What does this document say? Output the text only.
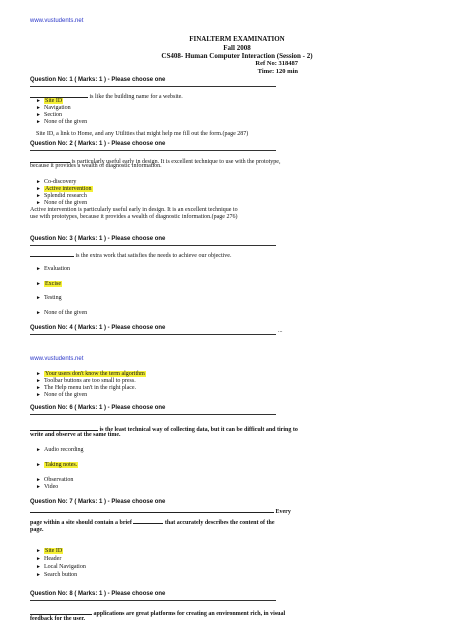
www.vustudents.net
FINALTERM EXAMINATION
Fall 2008
CS408- Human Computer Interaction (Session - 2)
Ref No: 318487
Time: 120 min
Question No: 1 ( Marks: 1 ) - Please choose one
is like the building name for a website.
► Site ID
► Navigation
► Section
► None of the given
Site ID, a link to Home, and any Utilities that might help me fill out the form.(page 287)
Question No: 2 ( Marks: 1 ) - Please choose one
is particularly useful early in design. It is excellent technique to use with the prototype,
because it provides a wealth of diagnostic information.
► Co-discovery
► Active intervention
► Splendid research
► None of the given
Active intervention is particularly useful early in design. It is an excellent technique to
use with prototypes, because it provides a wealth of diagnostic information.(page 276)
Question No: 3 ( Marks: 1 ) - Please choose one
is the extra work that satisfies the needs to achieve our objective.
► Evaluation
► Excise
► Testing
► None of the given
Question No: 4 ( Marks: 1 ) - Please choose one	...
www.vustudents.net
► Your users don't know the term algorithm
► Toolbar buttons are too small to press.
► The Help menu isn't in the right place.
► None of the given
Question No: 6 ( Marks: 1 ) - Please choose one
is the least technical way of collecting data, but it can be difficult and tiring to
write and observe at the same time.
► Audio recording
► Taking notes.
► Observation
► Video
Question No: 7 ( Marks: 1 ) - Please choose one
Every
page within a site should contain a brief	that accurately describes the content of the
page.
► Site ID
► Header
► Local Navigation
► Search button
Question No: 8 ( Marks: 1 ) - Please choose one
applications are great platforms for creating an environment rich, in visual
feedback for the user.
